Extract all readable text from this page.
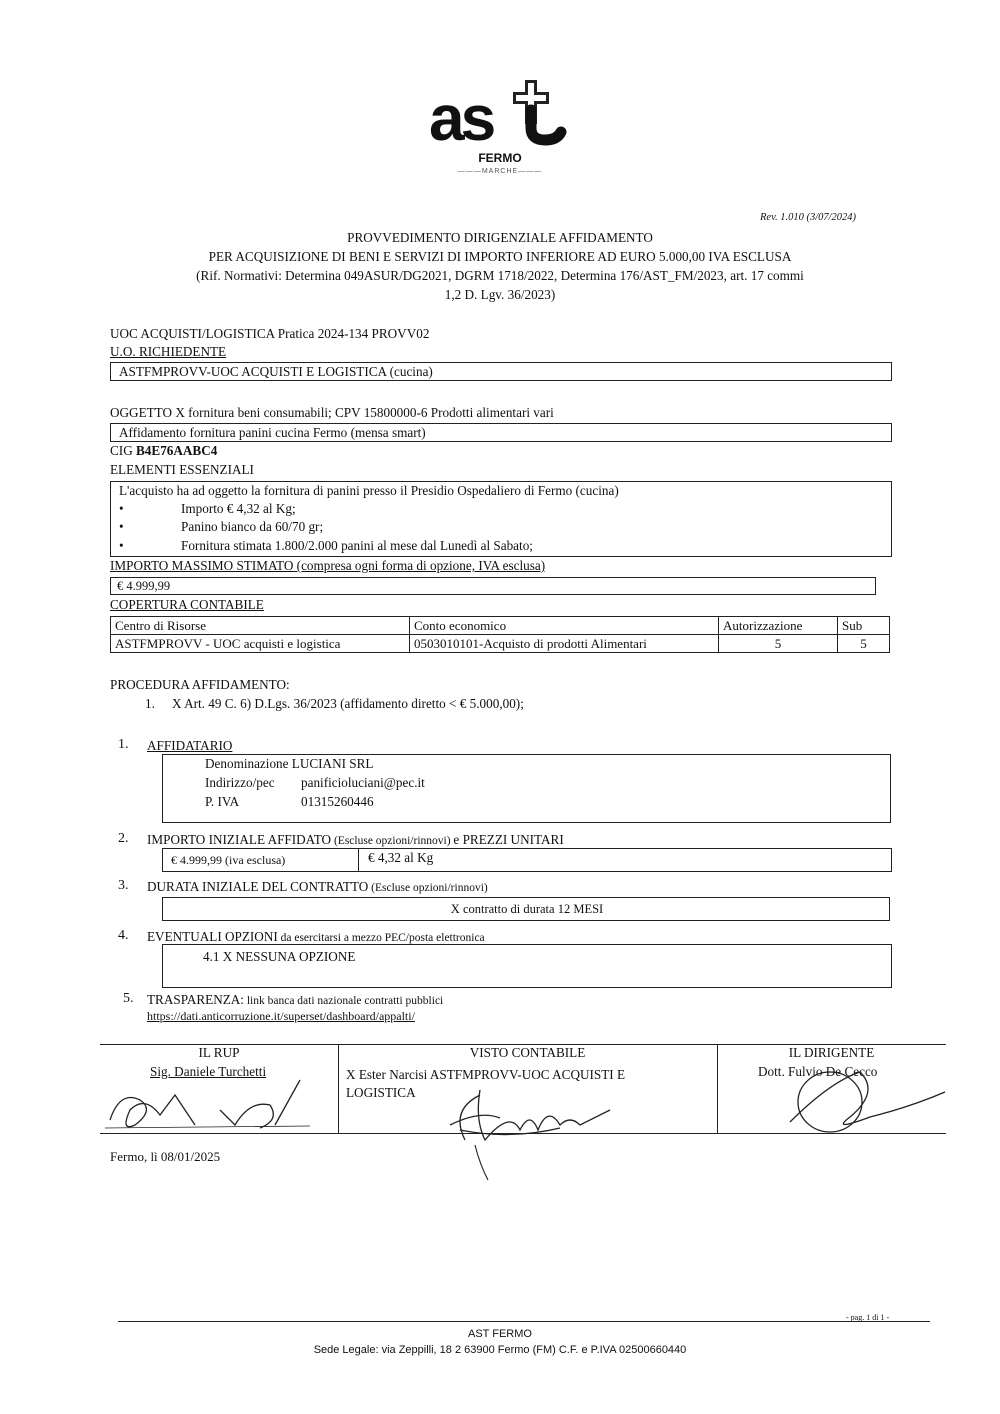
as
FERMO
———MARCHE———
Rev. 1.010 (3/07/2024)
PROVVEDIMENTO DIRIGENZIALE AFFIDAMENTO
PER ACQUISIZIONE DI BENI E SERVIZI DI IMPORTO INFERIORE AD EURO 5.000,00 IVA ESCLUSA
(Rif. Normativi: Determina 049ASUR/DG2021, DGRM 1718/2022, Determina 176/AST_FM/2023, art. 17 commi
1,2 D. Lgv. 36/2023)
UOC ACQUISTI/LOGISTICA Pratica 2024-134 PROVV02
U.O. RICHIEDENTE
ASTFMPROVV-UOC ACQUISTI E LOGISTICA (cucina)
OGGETTO X fornitura beni consumabili; CPV 15800000-6 Prodotti alimentari vari
Affidamento fornitura panini cucina Fermo (mensa smart)
CIG B4E76AABC4
ELEMENTI ESSENZIALI
L'acquisto ha ad oggetto la fornitura di panini presso il Presidio Ospedaliero di Fermo (cucina)
•	Importo € 4,32 al Kg;
•	Panino bianco da 60/70 gr;
•	Fornitura stimata 1.800/2.000 panini al mese dal Lunedì al Sabato;
IMPORTO MASSIMO STIMATO (compresa ogni forma di opzione, IVA esclusa)
€ 4.999,99
COPERTURA CONTABILE
Centro di Risorse	Conto economico	Autorizzazione	Sub
ASTFMPROVV - UOC acquisti e logistica	0503010101-Acquisto di prodotti Alimentari	5	5
PROCEDURA AFFIDAMENTO:
1. X Art. 49 C. 6) D.Lgs. 36/2023 (affidamento diretto < € 5.000,00);
1. AFFIDATARIO
Denominazione LUCIANI SRL
Indirizzo/pec panificioluciani@pec.it
P. IVA	01315260446
2. IMPORTO INIZIALE AFFIDATO (Escluse opzioni/rinnovi) e PREZZI UNITARI
€ 4.999,99 (iva esclusa)	€ 4,32 al Kg
3. DURATA INIZIALE DEL CONTRATTO (Escluse opzioni/rinnovi)
X contratto di durata 12 MESI
4. EVENTUALI OPZIONI da esercitarsi a mezzo PEC/posta elettronica
4.1 X NESSUNA OPZIONE
5. TRASPARENZA: link banca dati nazionale contratti pubblici
https://dati.anticorruzione.it/superset/dashboard/appalti/
IL RUP
Sig. Daniele Turchetti
VISTO CONTABILE
X Ester Narcisi ASTFMPROVV-UOC ACQUISTI E
LOGISTICA
IL DIRIGENTE
Dott. Fulvio De Cecco
Fermo, lì 08/01/2025
- pag. 1 di 1 -
AST FERMO
Sede Legale: via Zeppilli, 18 2 63900 Fermo (FM) C.F. e P.IVA 02500660440
